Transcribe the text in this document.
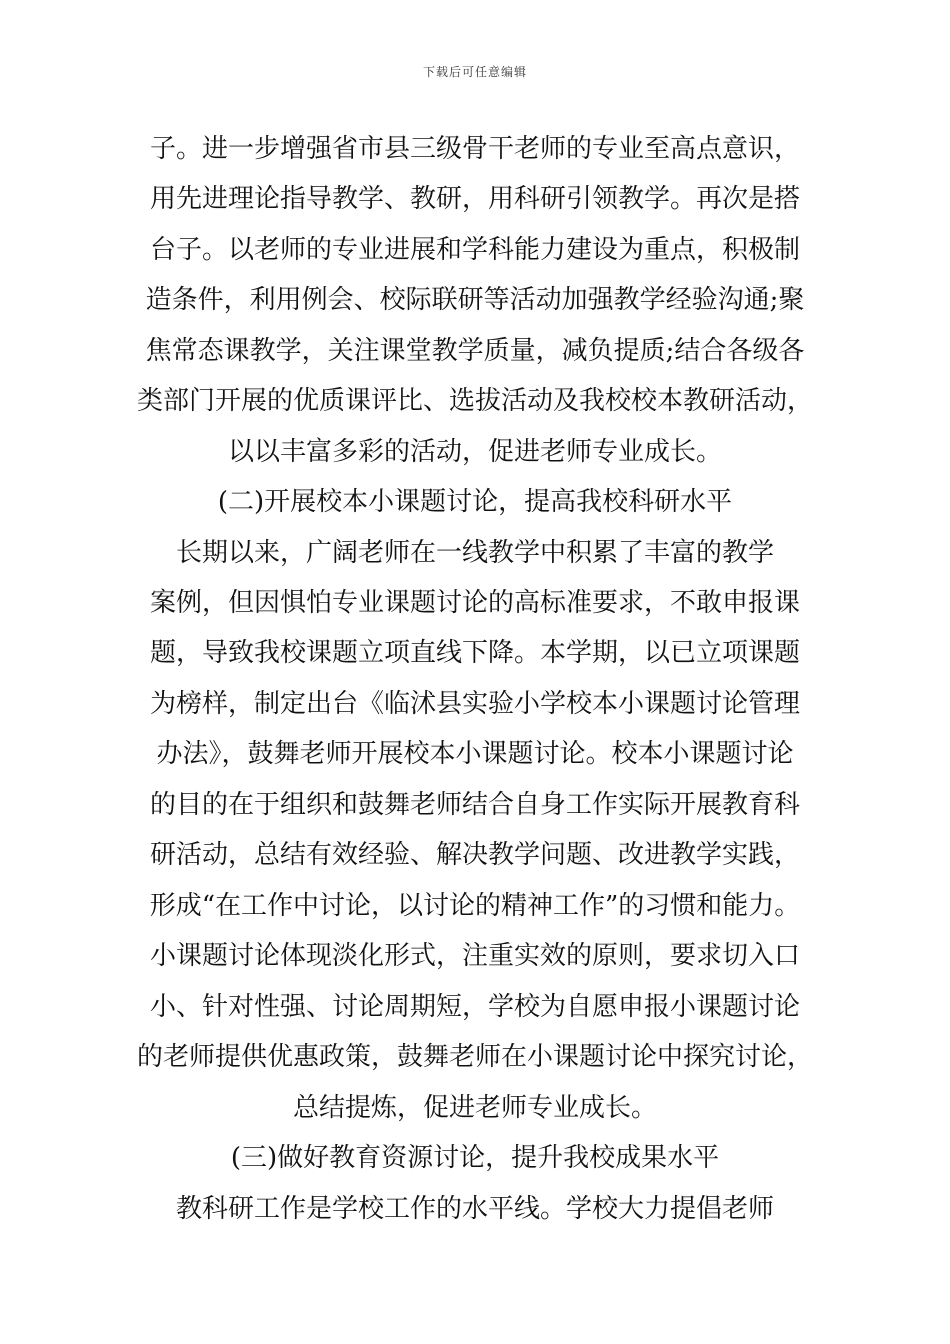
下载后可任意编辑
子。进一步增强省市县三级骨干老师的专业至高点意识，
用先进理论指导教学、教研，用科研引领教学。再次是搭
台子。以老师的专业进展和学科能力建设为重点，积极制
造条件，利用例会、校际联研等活动加强教学经验沟通;聚
焦常态课教学，关注课堂教学质量，减负提质;结合各级各
类部门开展的优质课评比、选拔活动及我校校本教研活动，
以以丰富多彩的活动，促进老师专业成长。
(二)开展校本小课题讨论，提高我校科研水平
长期以来，广阔老师在一线教学中积累了丰富的教学
案例，但因惧怕专业课题讨论的高标准要求，不敢申报课
题，导致我校课题立项直线下降。本学期，以已立项课题
为榜样，制定出台《临沭县实验小学校本小课题讨论管理
办法》，鼓舞老师开展校本小课题讨论。校本小课题讨论
的目的在于组织和鼓舞老师结合自身工作实际开展教育科
研活动，总结有效经验、解决教学问题、改进教学实践，
形成“在工作中讨论，以讨论的精神工作”的习惯和能力。
小课题讨论体现淡化形式，注重实效的原则，要求切入口
小、针对性强、讨论周期短，学校为自愿申报小课题讨论
的老师提供优惠政策，鼓舞老师在小课题讨论中探究讨论，
总结提炼，促进老师专业成长。
(三)做好教育资源讨论，提升我校成果水平
教科研工作是学校工作的水平线。学校大力提倡老师
